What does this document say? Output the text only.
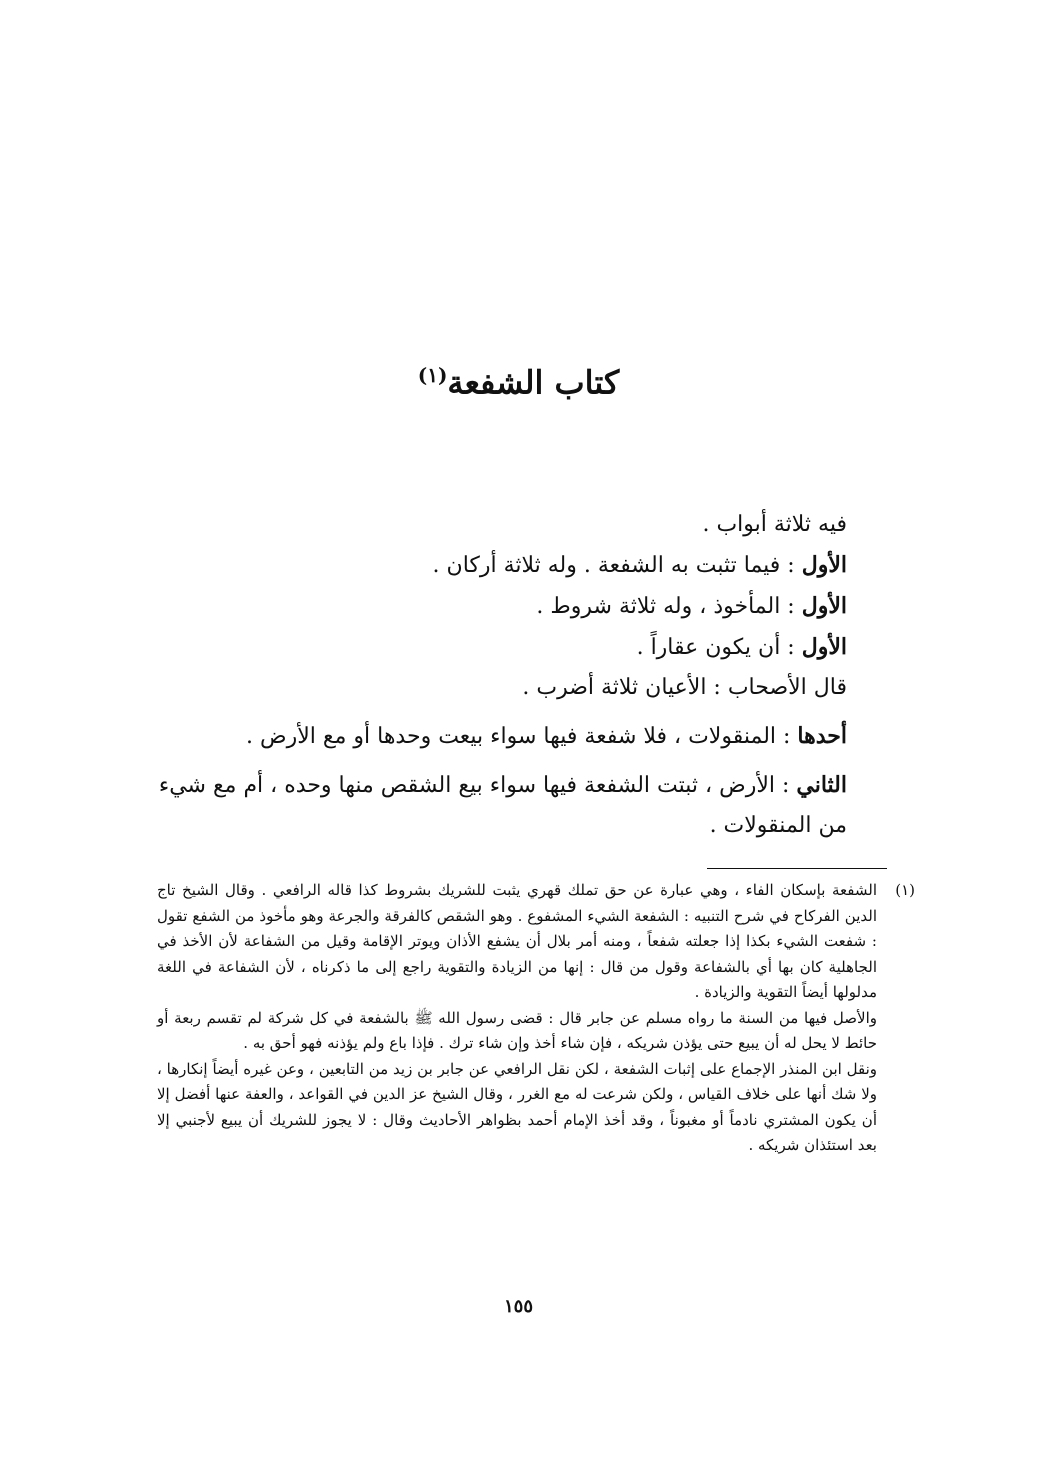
كتاب الشفعة$^{(١)}$

فيه ثلاثة أبواب .

الأول : فيما تثبت به الشفعة . وله ثلاثة أركان .

الأول : المأخوذ ، وله ثلاثة شروط .

الأول : أن يكون عقاراً .

قال الأصحاب : الأعيان ثلاثة أضرب .

أحدها : المنقولات ، فلا شفعة فيها سواء بيعت وحدها أو مع الأرض .

الثاني : الأرض ، ثبتت الشفعة فيها سواء بيع الشقص منها وحده ، أم مع شيء من المنقولات .

(١)

الشفعة بإسكان الفاء ، وهي عبارة عن حق تملك قهري يثبت للشريك بشروط كذا قاله الرافعي . وقال الشيخ تاج الدين الفركاح في شرح التنبيه : الشفعة الشيء المشفوع . وهو الشقص كالفرقة والجرعة وهو مأخوذ من الشفع تقول : شفعت الشيء بكذا إذا جعلته شفعاً ، ومنه أمر بلال أن يشفع الأذان ويوتر الإقامة وقيل من الشفاعة لأن الأخذ في الجاهلية كان بها أي بالشفاعة وقول من قال : إنها من الزيادة والتقوية راجع إلى ما ذكرناه ، لأن الشفاعة في اللغة مدلولها أيضاً التقوية والزيادة .

والأصل فيها من السنة ما رواه مسلم عن جابر قال : قضى رسول الله ﷺ بالشفعة في كل شركة لم تقسم ربعة أو حائط لا يحل له أن يبيع حتى يؤذن شريكه ، فإن شاء أخذ وإن شاء ترك . فإذا باع ولم يؤذنه فهو أحق به .

ونقل ابن المنذر الإجماع على إثبات الشفعة ، لكن نقل الرافعي عن جابر بن زيد من التابعين ، وعن غيره أيضاً إنكارها ، ولا شك أنها على خلاف القياس ، ولكن شرعت له مع الغرر ، وقال الشيخ عز الدين في القواعد ، والعفة عنها أفضل إلا أن يكون المشتري نادماً أو مغبوناً ، وقد أخذ الإمام أحمد بظواهر الأحاديث وقال : لا يجوز للشريك أن يبيع لأجنبي إلا بعد استئذان شريكه .

١٥٥
